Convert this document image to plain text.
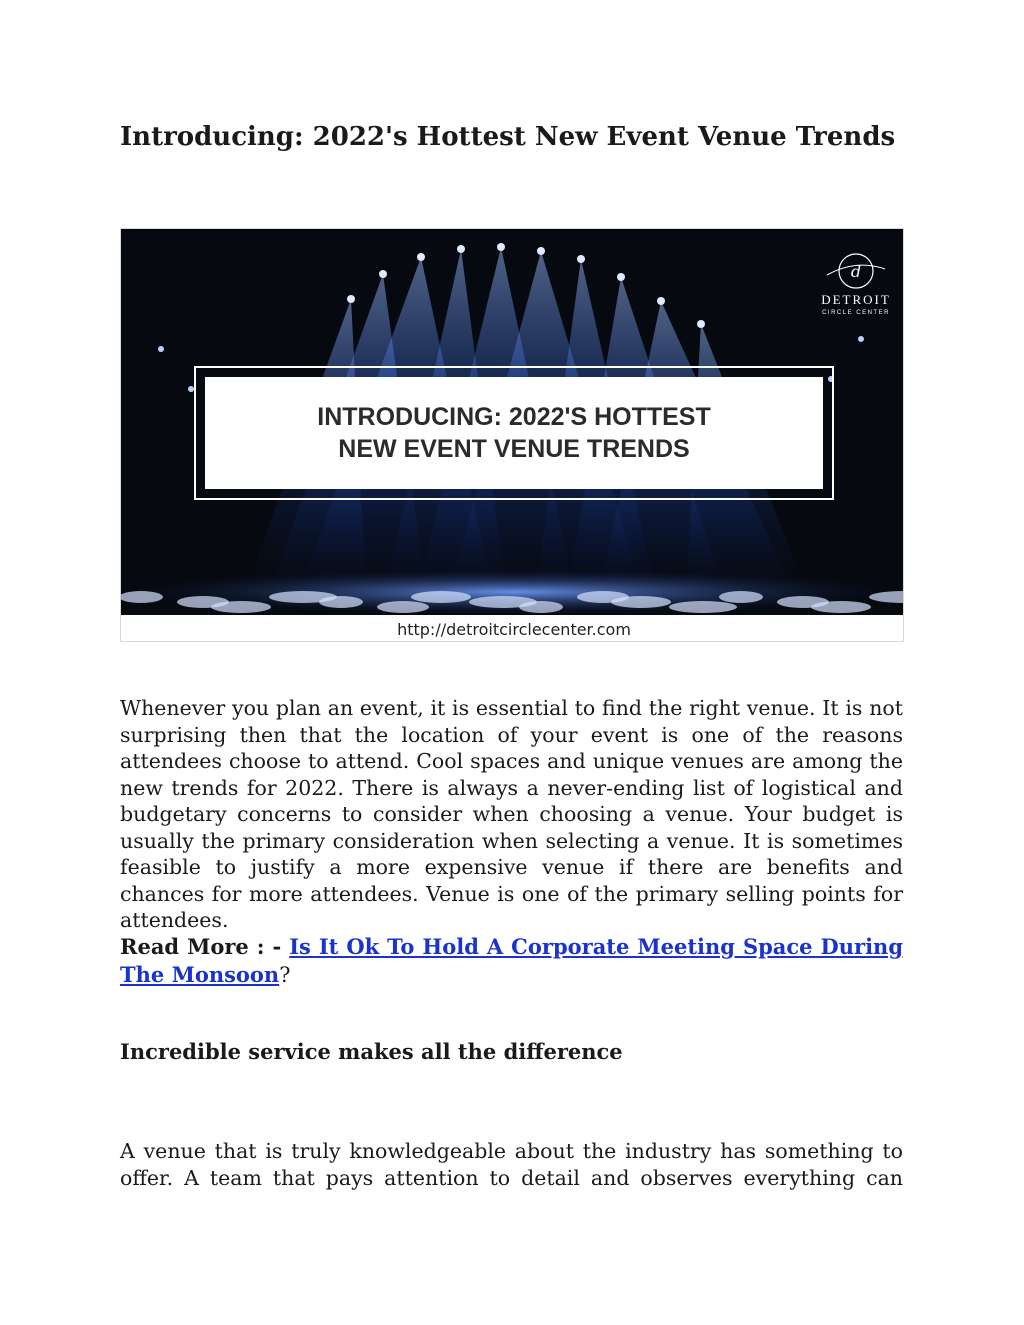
Introducing: 2022's Hottest New Event Venue Trends
INTRODUCING: 2022'S HOTTEST
NEW EVENT VENUE TRENDS
d
DETROIT
CIRCLE CENTER
http://detroitcirclecenter.com

Whenever you plan an event, it is essential to find the right venue. It is not surprising then that the location of your event is one of the reasons attendees choose to attend. Cool spaces and unique venues are among the new trends for 2022. There is always a never-ending list of logistical and budgetary concerns to consider when choosing a venue. Your budget is usually the primary consideration when selecting a venue. It is sometimes feasible to justify a more expensive venue if there are benefits and chances for more attendees. Venue is one of the primary selling points for attendees.

Read More : - Is It Ok To Hold A Corporate Meeting Space During The Monsoon?

Incredible service makes all the difference

A venue that is truly knowledgeable about the industry has something to offer. A team that pays attention to detail and observes everything can
